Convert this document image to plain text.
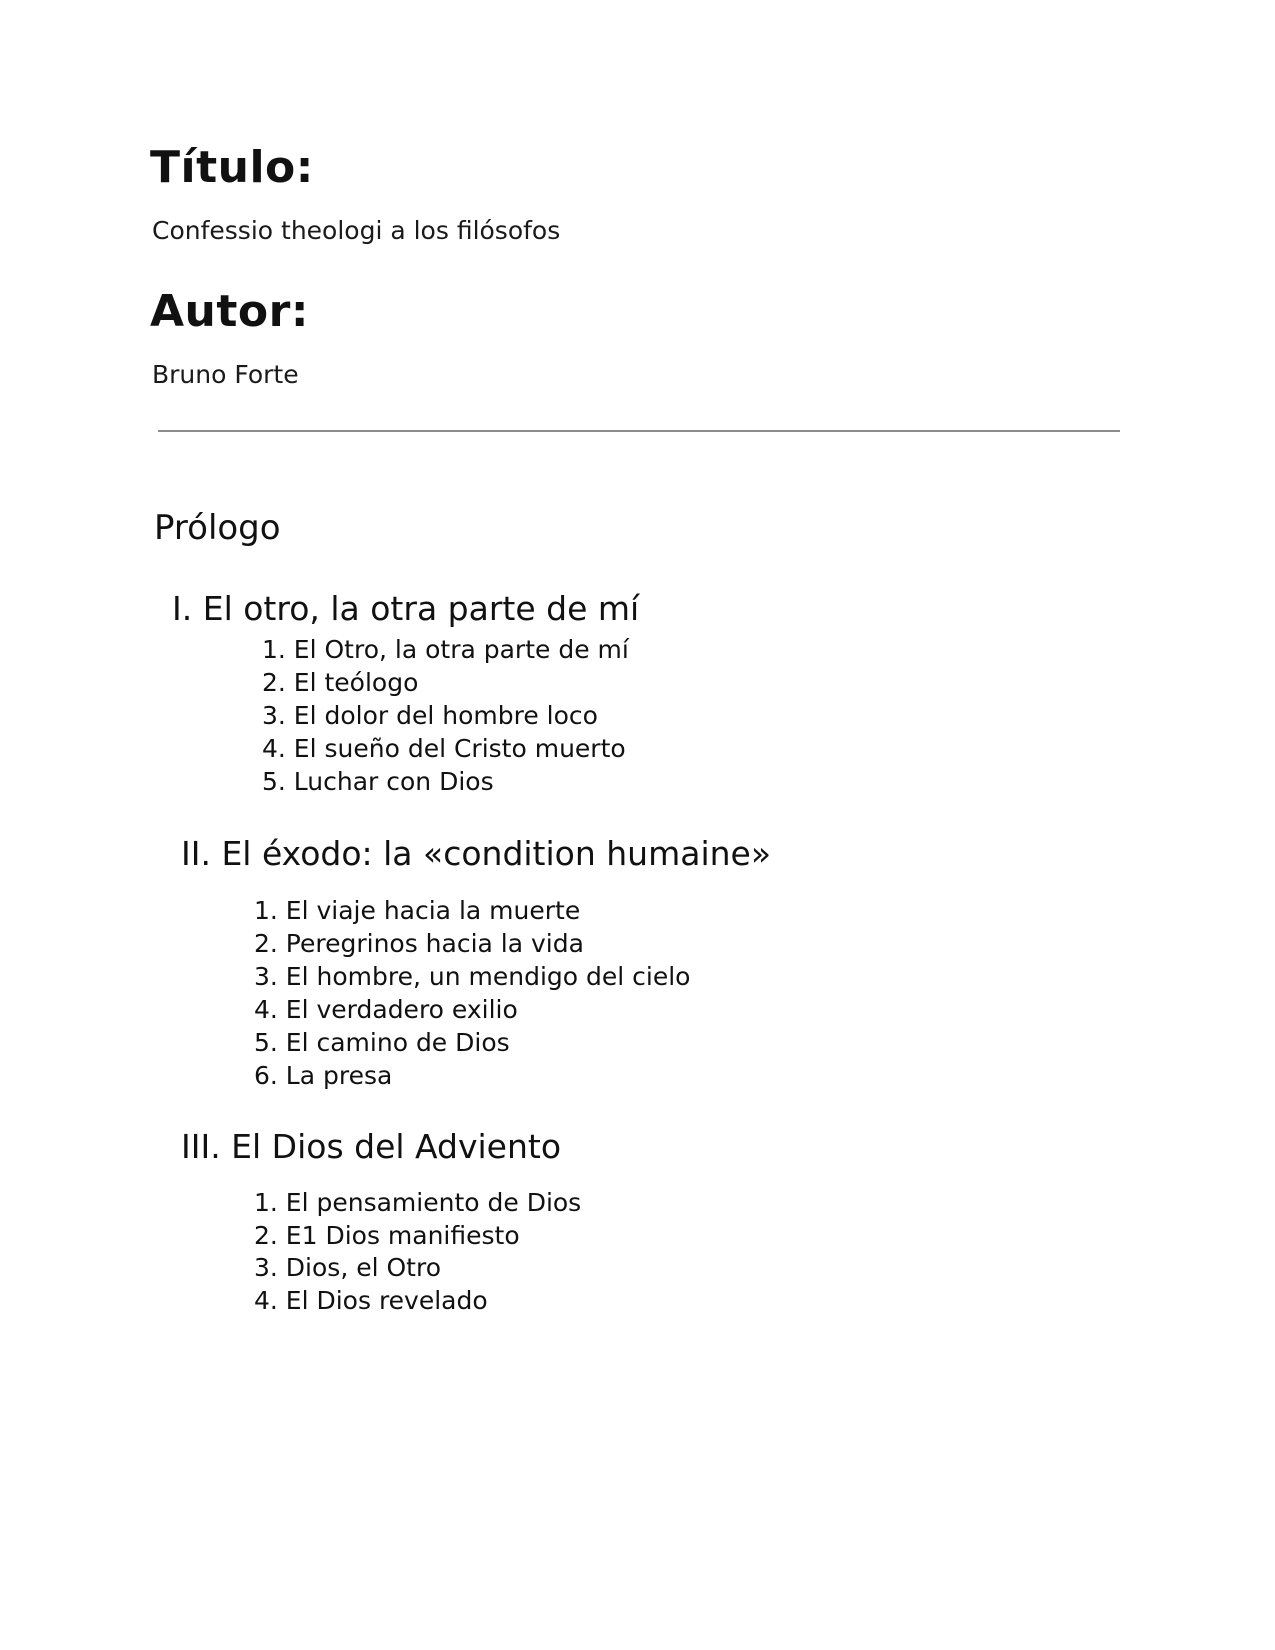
Título:
Confessio theologi a los filósofos
Autor:
Bruno Forte
Prólogo
I. El otro, la otra parte de mí
1. El Otro, la otra parte de mí
2. El teólogo
3. El dolor del hombre loco
4. El sueño del Cristo muerto
5. Luchar con Dios
II. El éxodo: la «condition humaine»
1. El viaje hacia la muerte
2. Peregrinos hacia la vida
3. El hombre, un mendigo del cielo
4. El verdadero exilio
5. El camino de Dios
6. La presa
III. El Dios del Adviento
1. El pensamiento de Dios
2. E1 Dios manifiesto
3. Dios, el Otro
4. El Dios revelado
